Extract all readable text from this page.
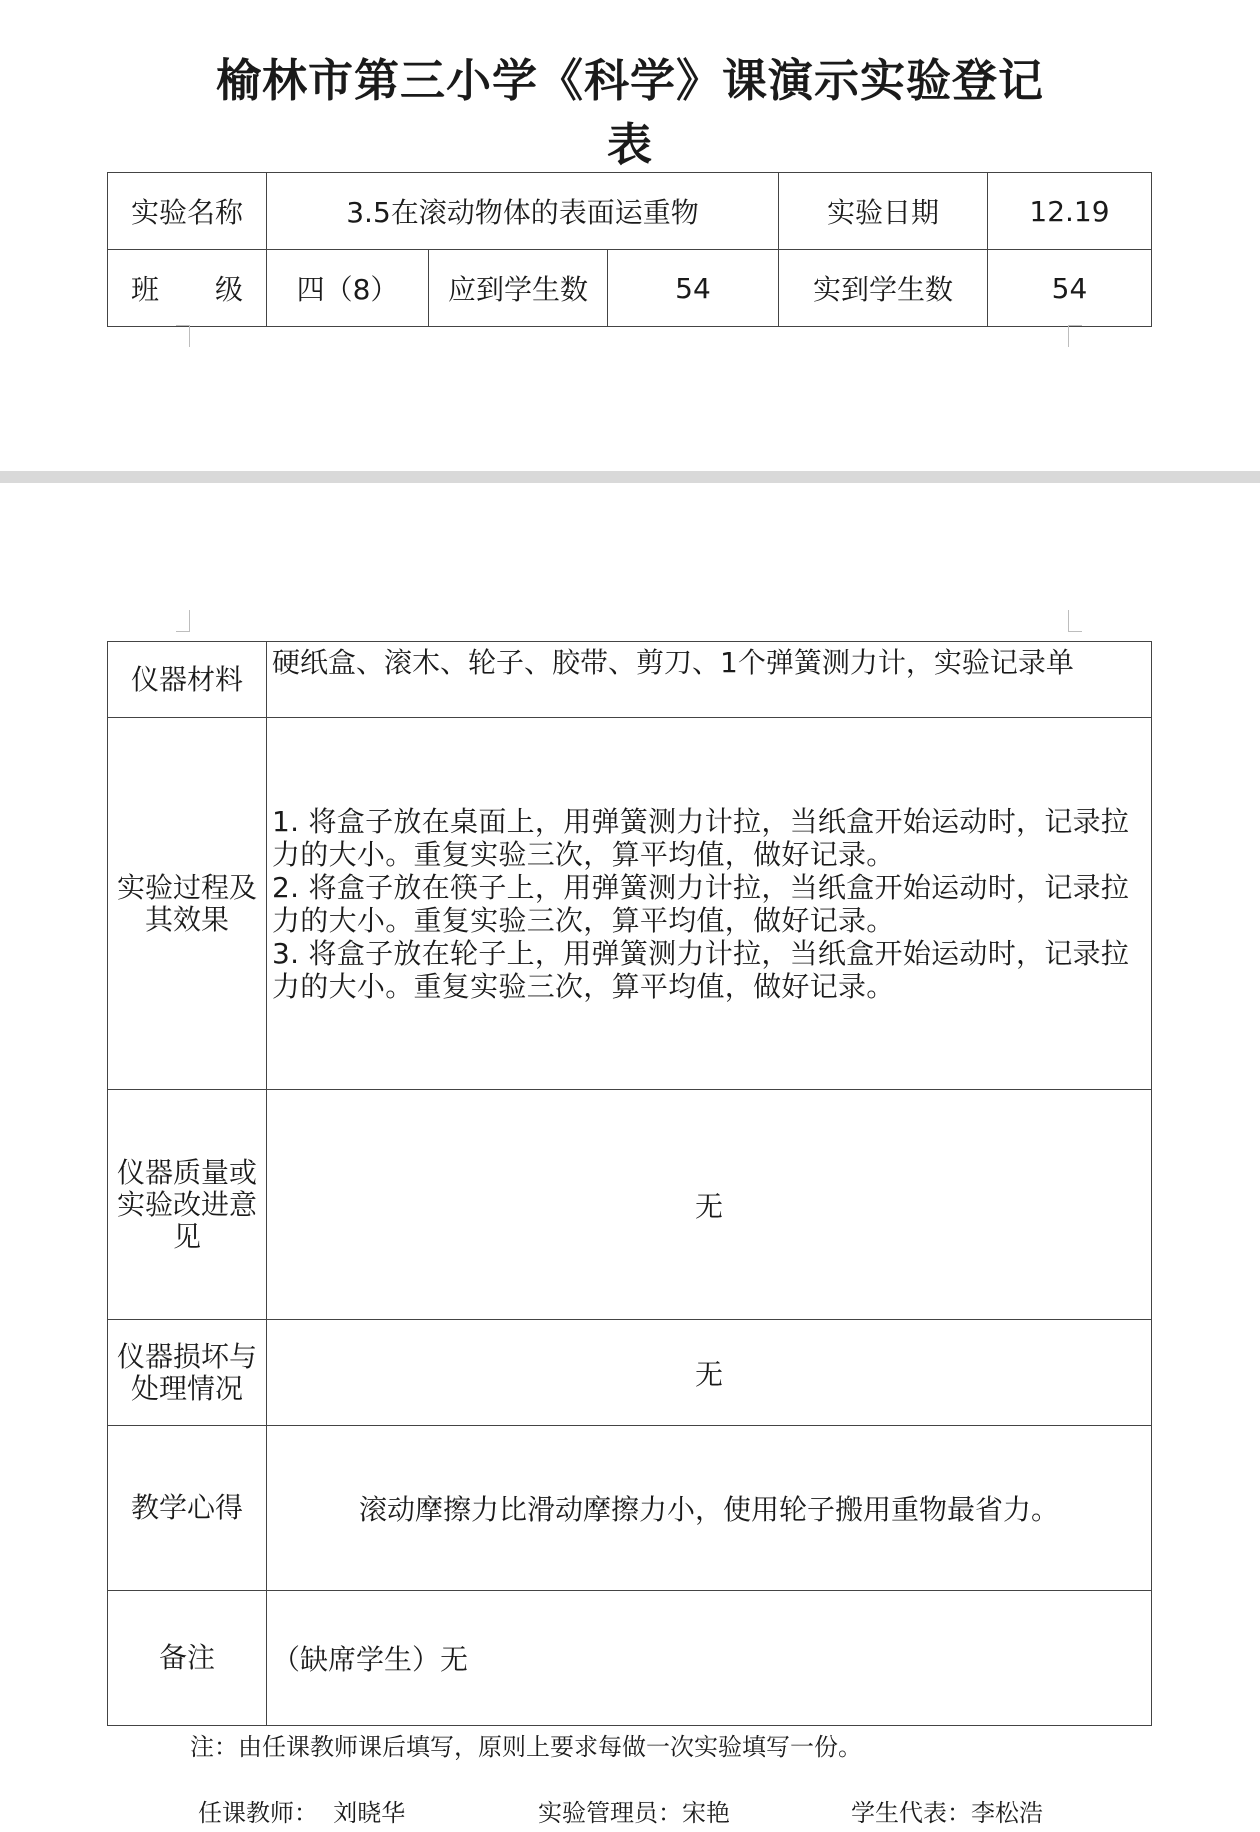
榆林市第三小学《科学》课演示实验登记
表
实验名称	3.5在滚动物体的表面运重物			实验日期	12.19
班　　级	四（8）	应到学生数	54	实到学生数	54
仪器材料	硬纸盒、滚木、轮子、胶带、剪刀、1个弹簧测力计，实验记录单
实验过程及其效果	1. 将盒子放在桌面上，用弹簧测力计拉，当纸盒开始运动时，记录拉力的大小。重复实验三次，算平均值，做好记录。
2. 将盒子放在筷子上，用弹簧测力计拉，当纸盒开始运动时，记录拉力的大小。重复实验三次，算平均值，做好记录。
3. 将盒子放在轮子上，用弹簧测力计拉，当纸盒开始运动时，记录拉力的大小。重复实验三次，算平均值，做好记录。

仪器质量或实验改进意见	无
仪器损坏与处理情况	无
教学心得	滚动摩擦力比滑动摩擦力小，使用轮子搬用重物最省力。
备注	（缺席学生）无
注：由任课教师课后填写，原则上要求每做一次实验填写一份。
任课教师：  刘晓华	实验管理员：宋艳	学生代表：李松浩
